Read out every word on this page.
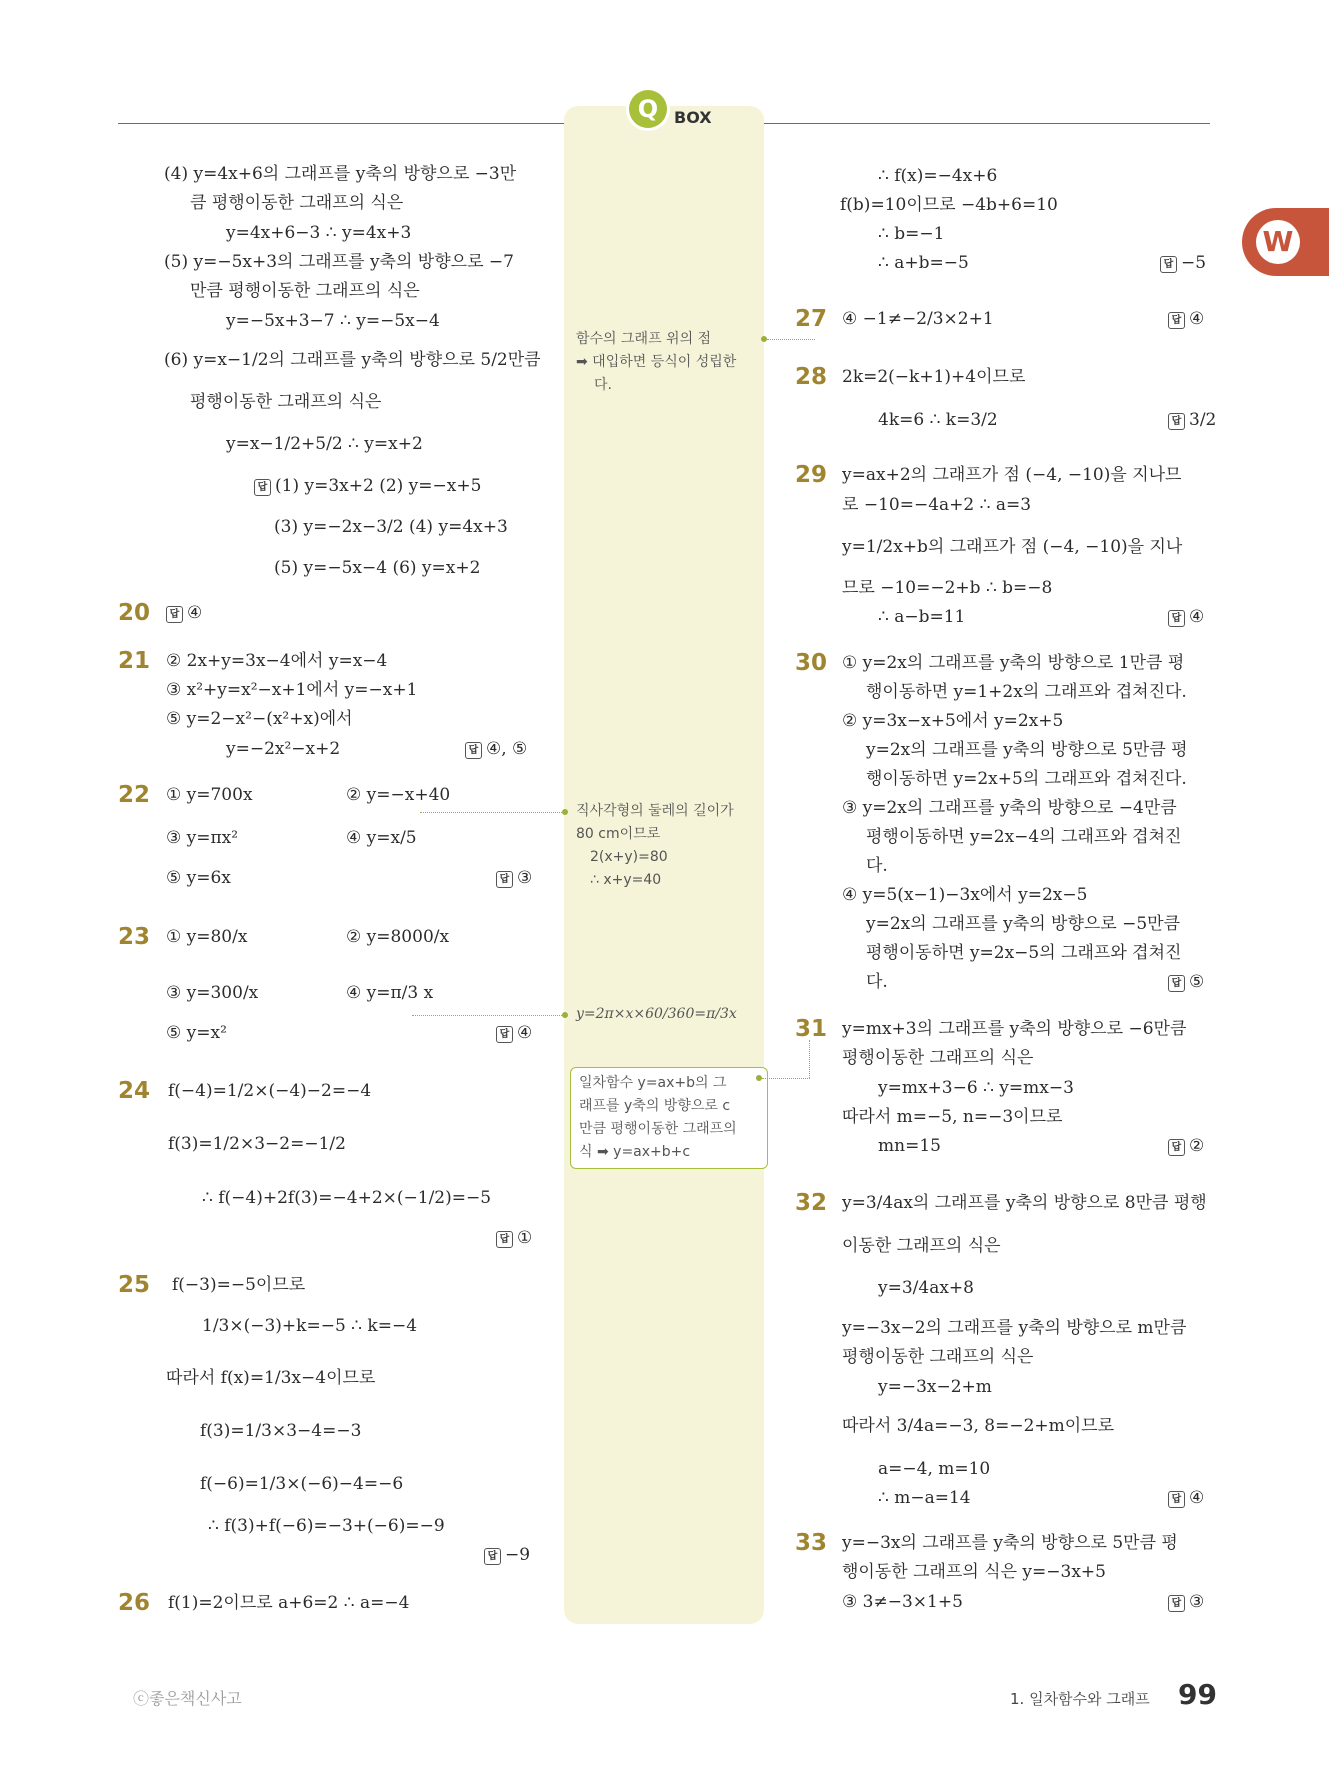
Q BOX
W
(4) y=4x+6의 그래프를 y축의 방향으로 −3만
큼 평행이동한 그래프의 식은
y=4x+6−3 ∴ y=4x+3
(5) y=−5x+3의 그래프를 y축의 방향으로 −7
만큼 평행이동한 그래프의 식은
y=−5x+3−7 ∴ y=−5x−4
(6) y=x−1/2의 그래프를 y축의 방향으로 5/2만큼
평행이동한 그래프의 식은
y=x−1/2+5/2 ∴ y=x+2
답 (1) y=3x+2 (2) y=−x+5
(3) y=−2x−3/2 (4) y=4x+3
(5) y=−5x−4 (6) y=x+2
20	답 ④
21 ② 2x+y=3x−4에서 y=x−4
③ x²+y=x²−x+1에서 y=−x+1
⑤ y=2−x²−(x²+x)에서
y=−2x²−x+2	답 ④, ⑤
22 ① y=700x	② y=−x+40
③ y=πx²	④ y=x/5
⑤ y=6x	답 ③
23 ① y=80/x	② y=8000/x
③ y=300/x	④ y=π/3 x
⑤ y=x²	답 ④
24 f(−4)=1/2×(−4)−2=−4
f(3)=1/2×3−2=−1/2
∴ f(−4)+2f(3)=−4+2×(−1/2)=−5
답 ①
25 f(−3)=−5이므로
1/3×(−3)+k=−5 ∴ k=−4
따라서 f(x)=1/3x−4이므로
f(3)=1/3×3−4=−3
f(−6)=1/3×(−6)−4=−6
∴ f(3)+f(−6)=−3+(−6)=−9
답 −9
26 f(1)=2이므로 a+6=2 ∴ a=−4
함수의 그래프 위의 점
➡ 대입하면 등식이 성립한
다.
직사각형의 둘레의 길이가
80 cm이므로
2(x+y)=80
∴ x+y=40
y=2π×x×60/360=π/3x
일차함수 y=ax+b의 그
래프를 y축의 방향으로 c
만큼 평행이동한 그래프의
식 ➡ y=ax+b+c
∴ f(x)=−4x+6
f(b)=10이므로 −4b+6=10
∴ b=−1
∴ a+b=−5	답 −5
27 ④ −1≠−2/3×2+1	답 ④
28 2k=2(−k+1)+4이므로
4k=6 ∴ k=3/2	답 3/2
29 y=ax+2의 그래프가 점 (−4, −10)을 지나므
로 −10=−4a+2 ∴ a=3
y=1/2x+b의 그래프가 점 (−4, −10)을 지나
므로 −10=−2+b ∴ b=−8
∴ a−b=11	답 ④
30 ① y=2x의 그래프를 y축의 방향으로 1만큼 평
행이동하면 y=1+2x의 그래프와 겹쳐진다.
② y=3x−x+5에서 y=2x+5
y=2x의 그래프를 y축의 방향으로 5만큼 평
행이동하면 y=2x+5의 그래프와 겹쳐진다.
③ y=2x의 그래프를 y축의 방향으로 −4만큼
평행이동하면 y=2x−4의 그래프와 겹쳐진
다.
④ y=5(x−1)−3x에서 y=2x−5
y=2x의 그래프를 y축의 방향으로 −5만큼
평행이동하면 y=2x−5의 그래프와 겹쳐진
다.	답 ⑤
31 y=mx+3의 그래프를 y축의 방향으로 −6만큼
평행이동한 그래프의 식은
y=mx+3−6 ∴ y=mx−3
따라서 m=−5, n=−3이므로
mn=15	답 ②
32 y=3/4ax의 그래프를 y축의 방향으로 8만큼 평행
이동한 그래프의 식은
y=3/4ax+8
y=−3x−2의 그래프를 y축의 방향으로 m만큼
평행이동한 그래프의 식은
y=−3x−2+m
따라서 3/4a=−3, 8=−2+m이므로
a=−4, m=10
∴ m−a=14	답 ④
33 y=−3x의 그래프를 y축의 방향으로 5만큼 평
행이동한 그래프의 식은 y=−3x+5
③ 3≠−3×1+5	답 ③
ⓒ좋은책신사고	1. 일차함수와 그래프 99
